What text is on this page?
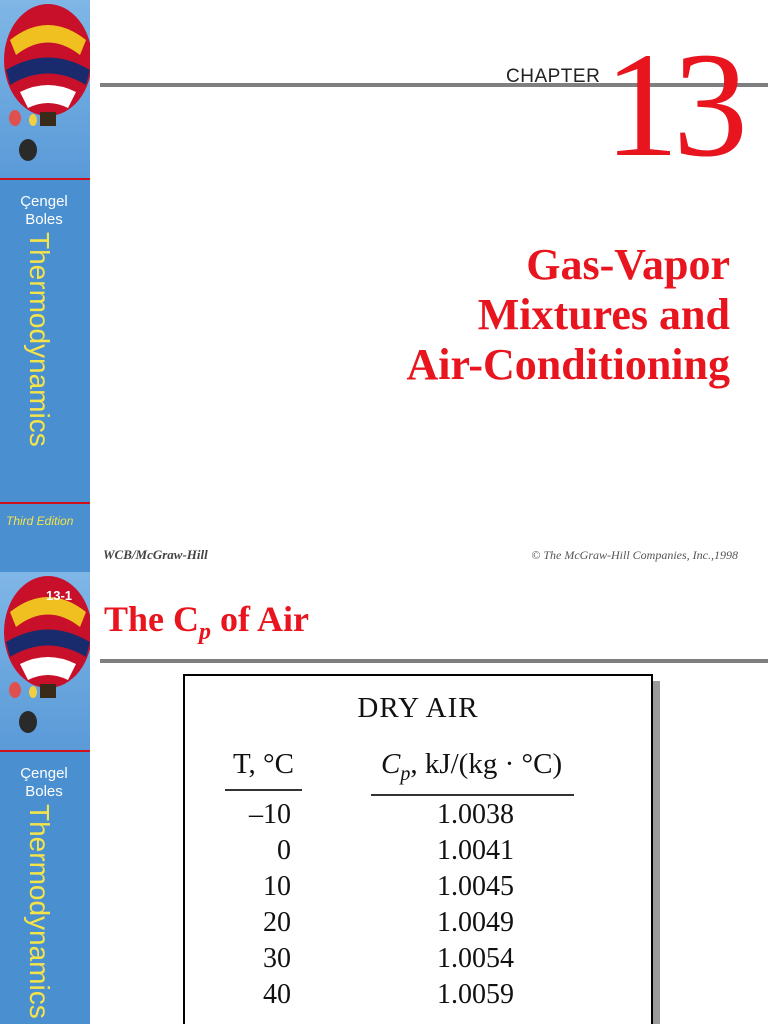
Çengel
Boles
Thermodynamics
Third Edition
CHAPTER 13
Gas-Vapor
Mixtures and
Air-Conditioning
WCB/McGraw-Hill	© The McGraw-Hill Companies, Inc.,1998
13-1
Çengel
Boles
Thermodynamics
The $C_p$ of Air
DRY AIR
T, °C	$C_p$, kJ/(kg · °C)
–10	1.0038
0	1.0041
10	1.0045
20	1.0049
30	1.0054
40	1.0059
